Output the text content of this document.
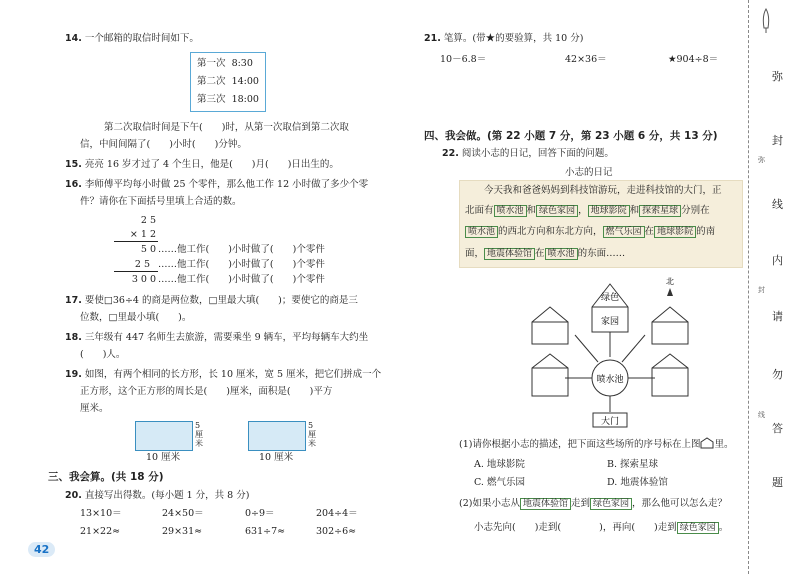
14. 一个邮箱的取信时间如下。
第一次 8:30
第二次 14:00
第三次 18:00
第二次取信时间是下午(　　)时，从第一次取信到第二次取
信，中间间隔了(　　)小时(　　)分钟。
15. 亮亮 16 岁才过了 4 个生日，他是(　　)月(　　)日出生的。
16. 李师傅平均每小时做 25 个零件，那么他工作 12 小时做了多少个零
件？请你在下面括号里填上合适的数。
2 5
× 1 2
5 0 ……他工作(　　)小时做了(　　)个零件
2 5 ……他工作(　　)小时做了(　　)个零件
3 0 0 ……他工作(　　)小时做了(　　)个零件
17. 要使□36÷4 的商是两位数，□里最大填(　　)；要使它的商是三
位数，□里最小填(　　)。
18. 三年级有 447 名师生去旅游，需要乘坐 9 辆车，平均每辆车大约坐
(　　)人。
19. 如图，有两个相同的长方形，长 10 厘米，宽 5 厘米，把它们拼成一个
正方形，这个正方形的周长是(　　)厘米，面积是(　　)平方
厘米。
5厘米
10 厘米
5厘米
10 厘米
三、我会算。(共 18 分)
20. 直接写出得数。(每小题 1 分，共 8 分)
13×10＝	24×50＝	0÷9＝	204÷4＝
21×22≈	29×31≈	631÷7≈	302÷6≈
42
21. 笔算。(带★的要验算，共 10 分)
10－6.8＝	42×36＝	★904÷8＝
四、我会做。(第 22 小题 7 分，第 23 小题 6 分，共 13 分)
22. 阅读小志的日记，回答下面的问题。
小志的日记
今天我和爸爸妈妈到科技馆游玩，走进科技馆的大门，正
北面有 喷水池 和 绿色家园 ， 地球影院 和 探索星球 分别在
喷水池 的西北方向和东北方向， 燃气乐园 在 地球影院 的南
面， 地震体验馆 在 喷水池 的东面……
绿色
家园
喷水池
大门
北
(1)请你根据小志的描述，把下面这些场所的序号标在上图 里。
A. 地球影院	B. 探索星球
C. 燃气乐园	D. 地震体验馆
(2)如果小志从 地震体验馆 走到 绿色家园 ，那么他可以怎么走？
小志先向(　　)走到(	)，再向(　　)走到 绿色家园 。
弥
封
线
内
请
勿
答
题
弥
封
线
